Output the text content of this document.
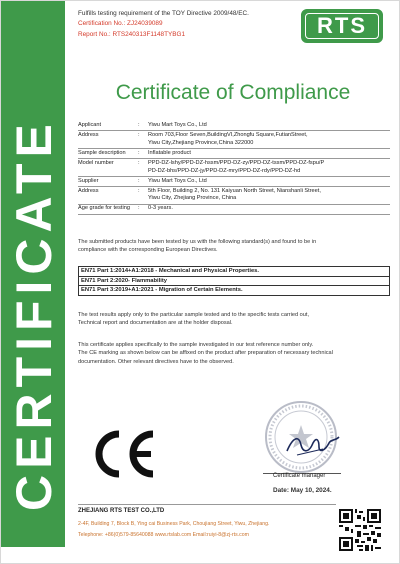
CERTIFICATE
Fulfills testing requirement of the TOY Directive 2009/48/EC.
Certification No.: ZJ24039089
Report No.: RTS240313F1148TYBG1	RTS
Certificate of Compliance
Applicant	:	Yiwu Mart Toys Co., Ltd
Address	:	Room 703,Floor Seven,BuildingVI,Zhongfu Square,FutianStreet,
Yiwu City,Zhejiang Province,China 322000
Sample description	:	Inflatable product
Model number	:	PPD-DZ-lshy/PPD-DZ-hssm/PPD-DZ-zy/PPD-DZ-tssm/PPD-DZ-fspu/P
PD-DZ-bhs/PPD-DZ-jy/PPD-DZ-mry/PPD-DZ-rdy/PPD-DZ-hd
Supplier	:	Yiwu Mart Toys Co., Ltd
Address	:	5th Floor, Building 2, No. 131 Kaiyuan North Street, Nianshanli Street,
Yiwu City, Zhejiang Province, China
Age grade for testing	:	0-3 years.
The submitted products have been tested by us with the following standard(s) and found to be in
compliance with the corresponding European Directives.
EN71 Part 1:2014+A1:2018 - Mechanical and Physical Properties.
EN71 Part 2:2020- Flammability
EN71 Part 3:2019+A1:2021 - Migration of Certain Elements.
The test results apply only to the particular sample tested and to the specific tests carried out,
Technical report and documentation are at the holder disposal.
This certificate applies specifically to the sample investigated in our test reference number only.
The CE marking as shown below can be affixed on the product after preparation of necessary technical
documentation. Other relevant directives have to the observed.
Certificate manager
Date: May 10, 2024.
ZHEJIANG RTS TEST CO.,LTD
2-4F, Building 7, Block B, Ying cai Business Park, Choujiang Street, Yiwu, Zhejiang.
Telephone: +86(0)579-85640088 www.rtslab.com Email:ruiyi-8@zj-rts.com
